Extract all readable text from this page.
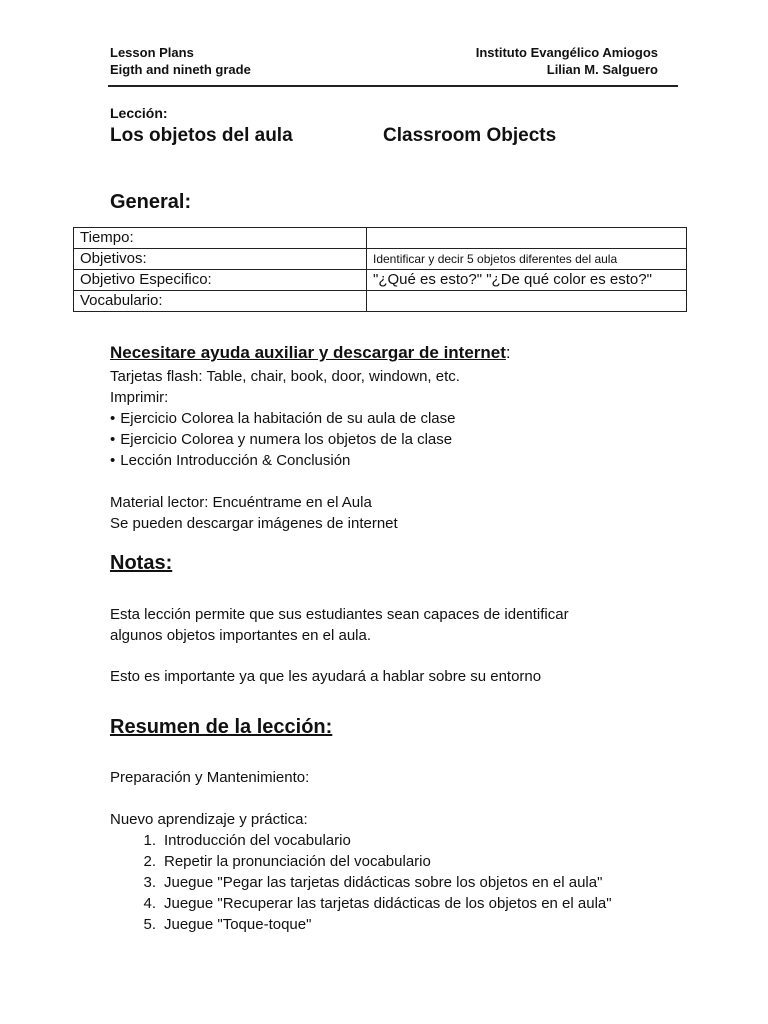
Lesson Plans
Eigth and nineth grade
Instituto Evangélico Amiogos
Lilian M. Salguero
Lección:
Los objetos del aula	Classroom Objects
General:
Tiempo:	
Objetivos:	Identificar y decir 5 objetos diferentes del aula
Objetivo Especifico:	"¿Qué es esto?" "¿De qué color es esto?"
Vocabulario:	
Necesitare ayuda auxiliar y descargar de internet:
Tarjetas flash: Table, chair, book, door, windown, etc.
Imprimir:
• Ejercicio Colorea la habitación de su aula de clase
• Ejercicio Colorea y numera los objetos de la clase
• Lección Introducción & Conclusión
Material lector: Encuéntrame en el Aula
Se pueden descargar imágenes de internet
Notas:
Esta lección permite que sus estudiantes sean capaces de identificar
algunos objetos importantes en el aula.
Esto es importante ya que les ayudará a hablar sobre su entorno
Resumen de la lección:
Preparación y Mantenimiento:
Nuevo aprendizaje y práctica:
1. Introducción del vocabulario
2. Repetir la pronunciación del vocabulario
3. Juegue "Pegar las tarjetas didácticas sobre los objetos en el aula"
4. Juegue "Recuperar las tarjetas didácticas de los objetos en el aula"
5. Juegue "Toque-toque"
